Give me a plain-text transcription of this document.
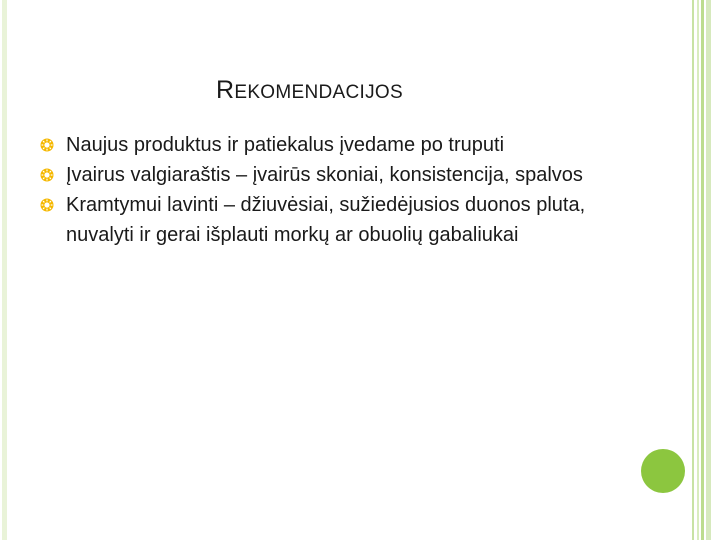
REKOMENDACIJOS
Naujus produktus ir patiekalus įvedame po truputi
Įvairus valgiaraštis – įvairūs skoniai, konsistencija, spalvos
Kramtymui lavinti – džiuvėsiai, sužiedėjusios duonos pluta, nuvalyti ir gerai išplauti morkų ar obuolių gabaliukai
